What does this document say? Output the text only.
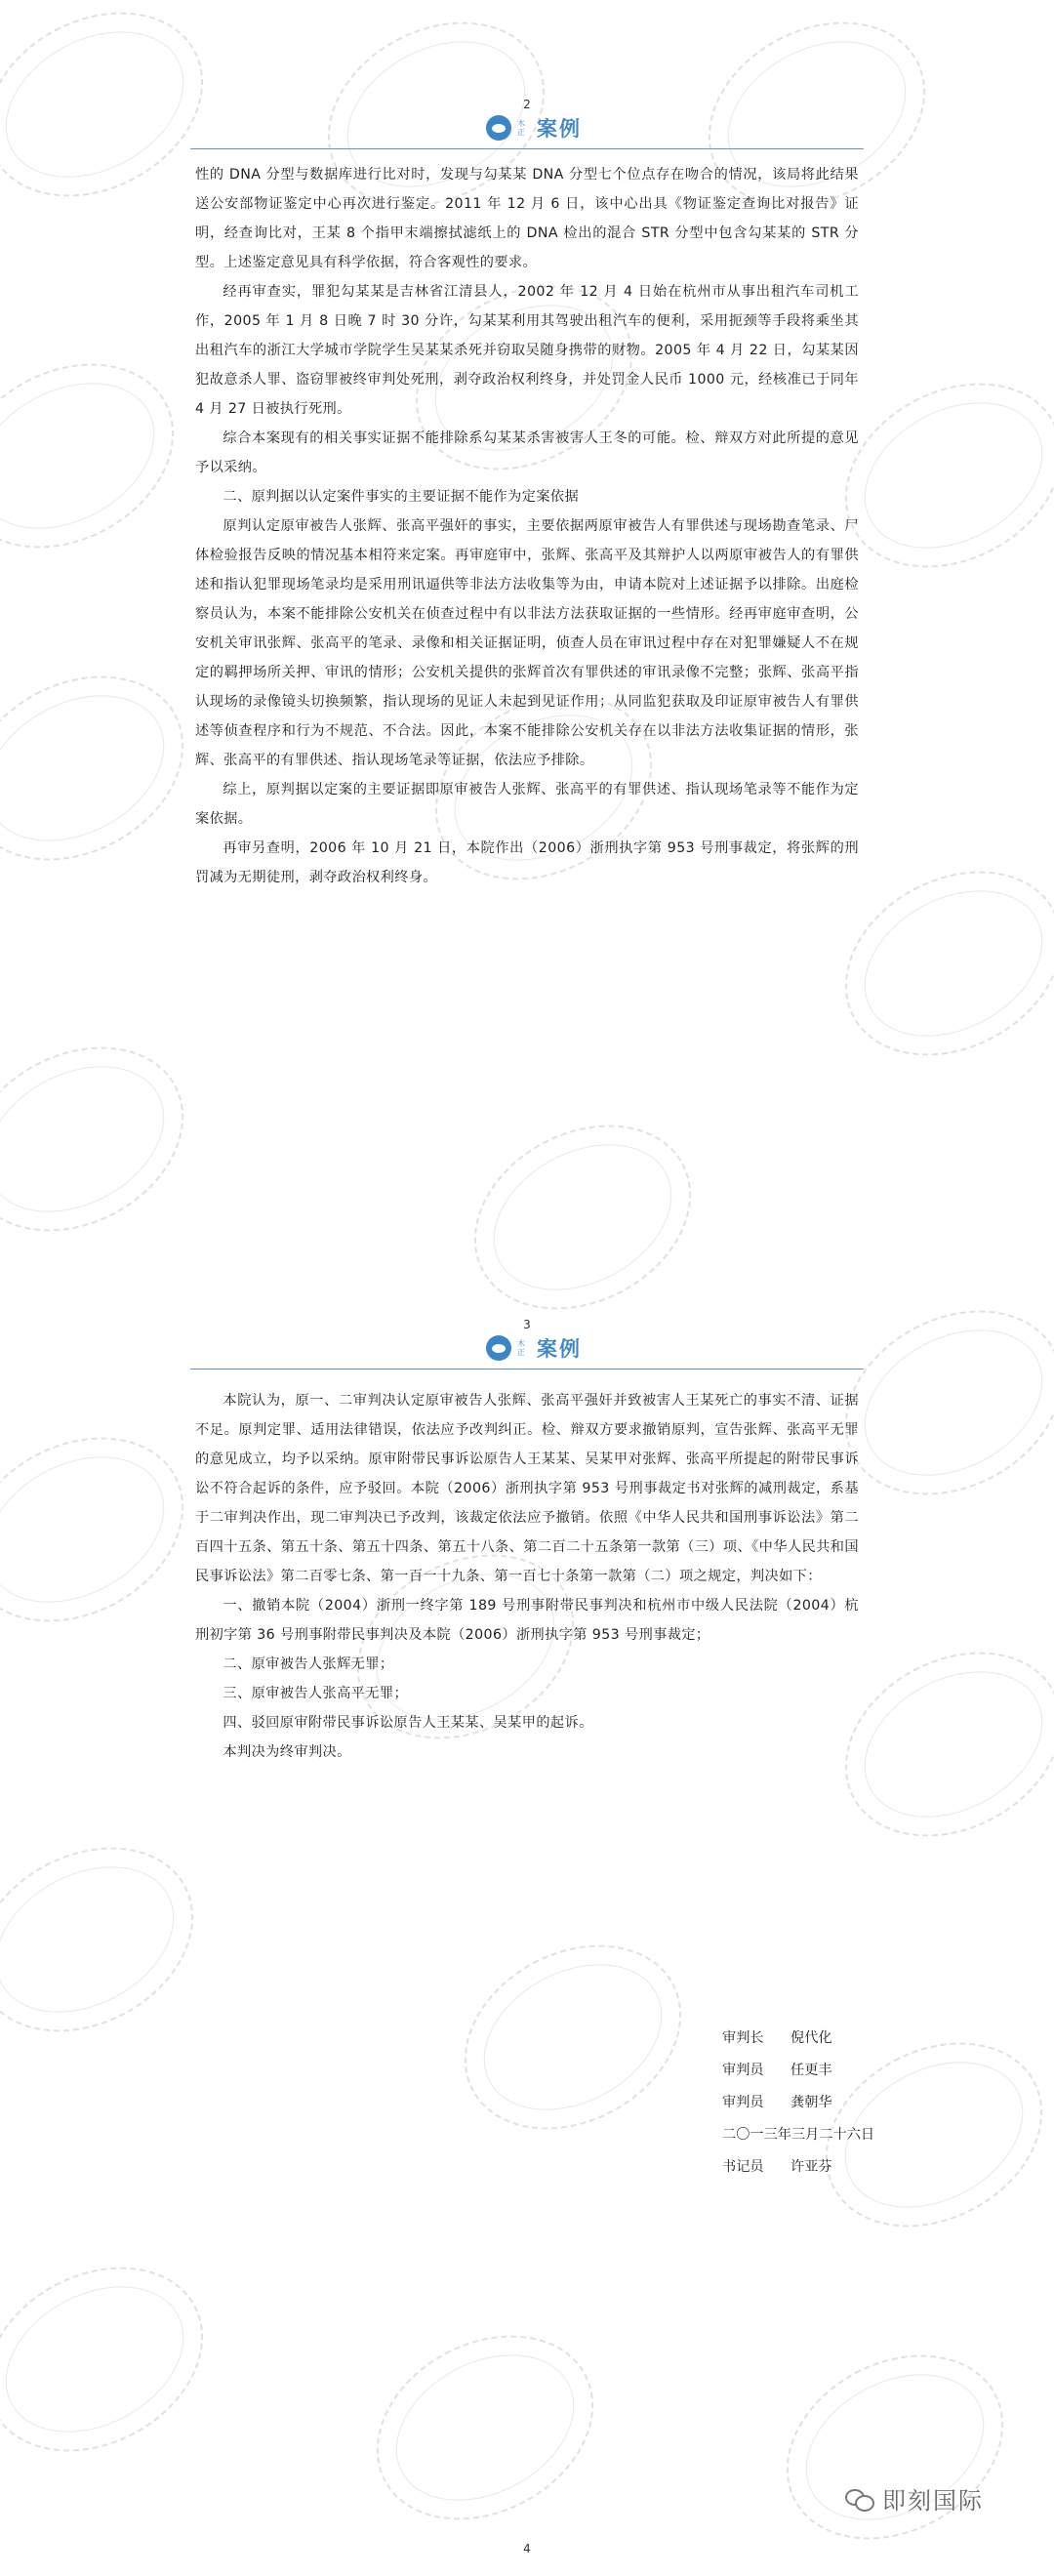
2
木正 案例

性的 DNA 分型与数据库进行比对时，发现与勾某某 DNA 分型七个位点存在吻合的情况，该局将此结果送公安部物证鉴定中心再次进行鉴定。2011 年 12 月 6 日，该中心出具《物证鉴定查询比对报告》证明，经查询比对，王某 8 个指甲末端擦拭滤纸上的 DNA 检出的混合 STR 分型中包含勾某某的 STR 分型。上述鉴定意见具有科学依据，符合客观性的要求。

经再审查实，罪犯勾某某是吉林省江清县人，2002 年 12 月 4 日始在杭州市从事出租汽车司机工作，2005 年 1 月 8 日晚 7 时 30 分许，勾某某利用其驾驶出租汽车的便利，采用扼颈等手段将乘坐其出租汽车的浙江大学城市学院学生吴某某杀死并窃取吴随身携带的财物。2005 年 4 月 22 日，勾某某因犯故意杀人罪、盗窃罪被终审判处死刑，剥夺政治权利终身，并处罚金人民币 1000 元，经核准已于同年 4 月 27 日被执行死刑。

综合本案现有的相关事实证据不能排除系勾某某杀害被害人王冬的可能。检、辩双方对此所提的意见予以采纳。

二、原判据以认定案件事实的主要证据不能作为定案依据

原判认定原审被告人张辉、张高平强奸的事实，主要依据两原审被告人有罪供述与现场勘查笔录、尸体检验报告反映的情况基本相符来定案。再审庭审中，张辉、张高平及其辩护人以两原审被告人的有罪供述和指认犯罪现场笔录均是采用刑讯逼供等非法方法收集等为由，申请本院对上述证据予以排除。出庭检察员认为，本案不能排除公安机关在侦查过程中有以非法方法获取证据的一些情形。经再审庭审查明，公安机关审讯张辉、张高平的笔录、录像和相关证据证明，侦查人员在审讯过程中存在对犯罪嫌疑人不在规定的羁押场所关押、审讯的情形；公安机关提供的张辉首次有罪供述的审讯录像不完整；张辉、张高平指认现场的录像镜头切换频繁，指认现场的见证人未起到见证作用；从同监犯获取及印证原审被告人有罪供述等侦查程序和行为不规范、不合法。因此，本案不能排除公安机关存在以非法方法收集证据的情形，张辉、张高平的有罪供述、指认现场笔录等证据，依法应予排除。

综上，原判据以定案的主要证据即原审被告人张辉、张高平的有罪供述、指认现场笔录等不能作为定案依据。

再审另查明，2006 年 10 月 21 日，本院作出（2006）浙刑执字第 953 号刑事裁定，将张辉的刑罚减为无期徒刑，剥夺政治权利终身。

3
木正 案例

本院认为，原一、二审判决认定原审被告人张辉、张高平强奸并致被害人王某死亡的事实不清、证据不足。原判定罪、适用法律错误，依法应予改判纠正。检、辩双方要求撤销原判，宣告张辉、张高平无罪的意见成立，均予以采纳。原审附带民事诉讼原告人王某某、吴某甲对张辉、张高平所提起的附带民事诉讼不符合起诉的条件，应予驳回。本院（2006）浙刑执字第 953 号刑事裁定书对张辉的减刑裁定，系基于二审判决作出，现二审判决已予改判，该裁定依法应予撤销。依照《中华人民共和国刑事诉讼法》第二百四十五条、第五十条、第五十四条、第五十八条、第二百二十五条第一款第（三）项、《中华人民共和国民事诉讼法》第二百零七条、第一百一十九条、第一百七十条第一款第（二）项之规定，判决如下：

一、撤销本院（2004）浙刑一终字第 189 号刑事附带民事判决和杭州市中级人民法院（2004）杭刑初字第 36 号刑事附带民事判决及本院（2006）浙刑执字第 953 号刑事裁定；

二、原审被告人张辉无罪；

三、原审被告人张高平无罪；

四、驳回原审附带民事诉讼原告人王某某、吴某甲的起诉。

本判决为终审判决。

审判长 倪代化
审判员 任更丰
审判员 龚朝华
二〇一三年三月二十六日
书记员 许亚芬
即刻国际
4
